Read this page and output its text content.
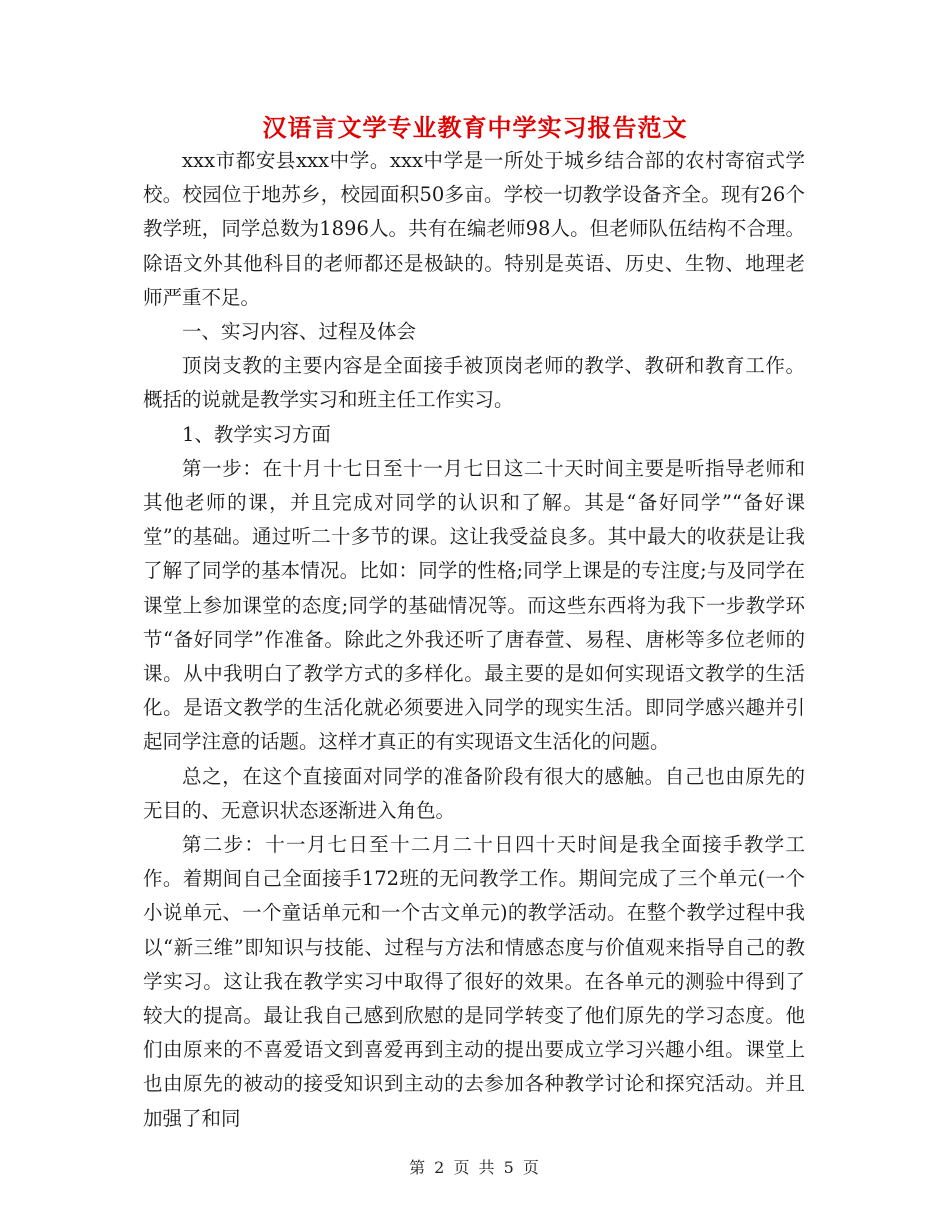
汉语言文学专业教育中学实习报告范文

xxx市都安县xxx中学。xxx中学是一所处于城乡结合部的农村寄宿式学校。校园位于地苏乡，校园面积50多亩。学校一切教学设备齐全。现有26个教学班，同学总数为1896人。共有在编老师98人。但老师队伍结构不合理。除语文外其他科目的老师都还是极缺的。特别是英语、历史、生物、地理老师严重不足。

一、实习内容、过程及体会

顶岗支教的主要内容是全面接手被顶岗老师的教学、教研和教育工作。概括的说就是教学实习和班主任工作实习。

1、教学实习方面

第一步：在十月十七日至十一月七日这二十天时间主要是听指导老师和其他老师的课，并且完成对同学的认识和了解。其是“备好同学”“备好课堂”的基础。通过听二十多节的课。这让我受益良多。其中最大的收获是让我了解了同学的基本情况。比如：同学的性格;同学上课是的专注度;与及同学在课堂上参加课堂的态度;同学的基础情况等。而这些东西将为我下一步教学环节“备好同学”作准备。除此之外我还听了唐春萱、易程、唐彬等多位老师的课。从中我明白了教学方式的多样化。最主要的是如何实现语文教学的生活化。是语文教学的生活化就必须要进入同学的现实生活。即同学感兴趣并引起同学注意的话题。这样才真正的有实现语文生活化的问题。

总之，在这个直接面对同学的准备阶段有很大的感触。自己也由原先的无目的、无意识状态逐渐进入角色。

第二步：十一月七日至十二月二十日四十天时间是我全面接手教学工作。着期间自己全面接手172班的无问教学工作。期间完成了三个单元(一个小说单元、一个童话单元和一个古文单元)的教学活动。在整个教学过程中我以“新三维”即知识与技能、过程与方法和情感态度与价值观来指导自己的教学实习。这让我在教学实习中取得了很好的效果。在各单元的测验中得到了较大的提高。最让我自己感到欣慰的是同学转变了他们原先的学习态度。他们由原来的不喜爱语文到喜爱再到主动的提出要成立学习兴趣小组。课堂上也由原先的被动的接受知识到主动的去参加各种教学讨论和探究活动。并且加强了和同

第 2 页 共 5 页
